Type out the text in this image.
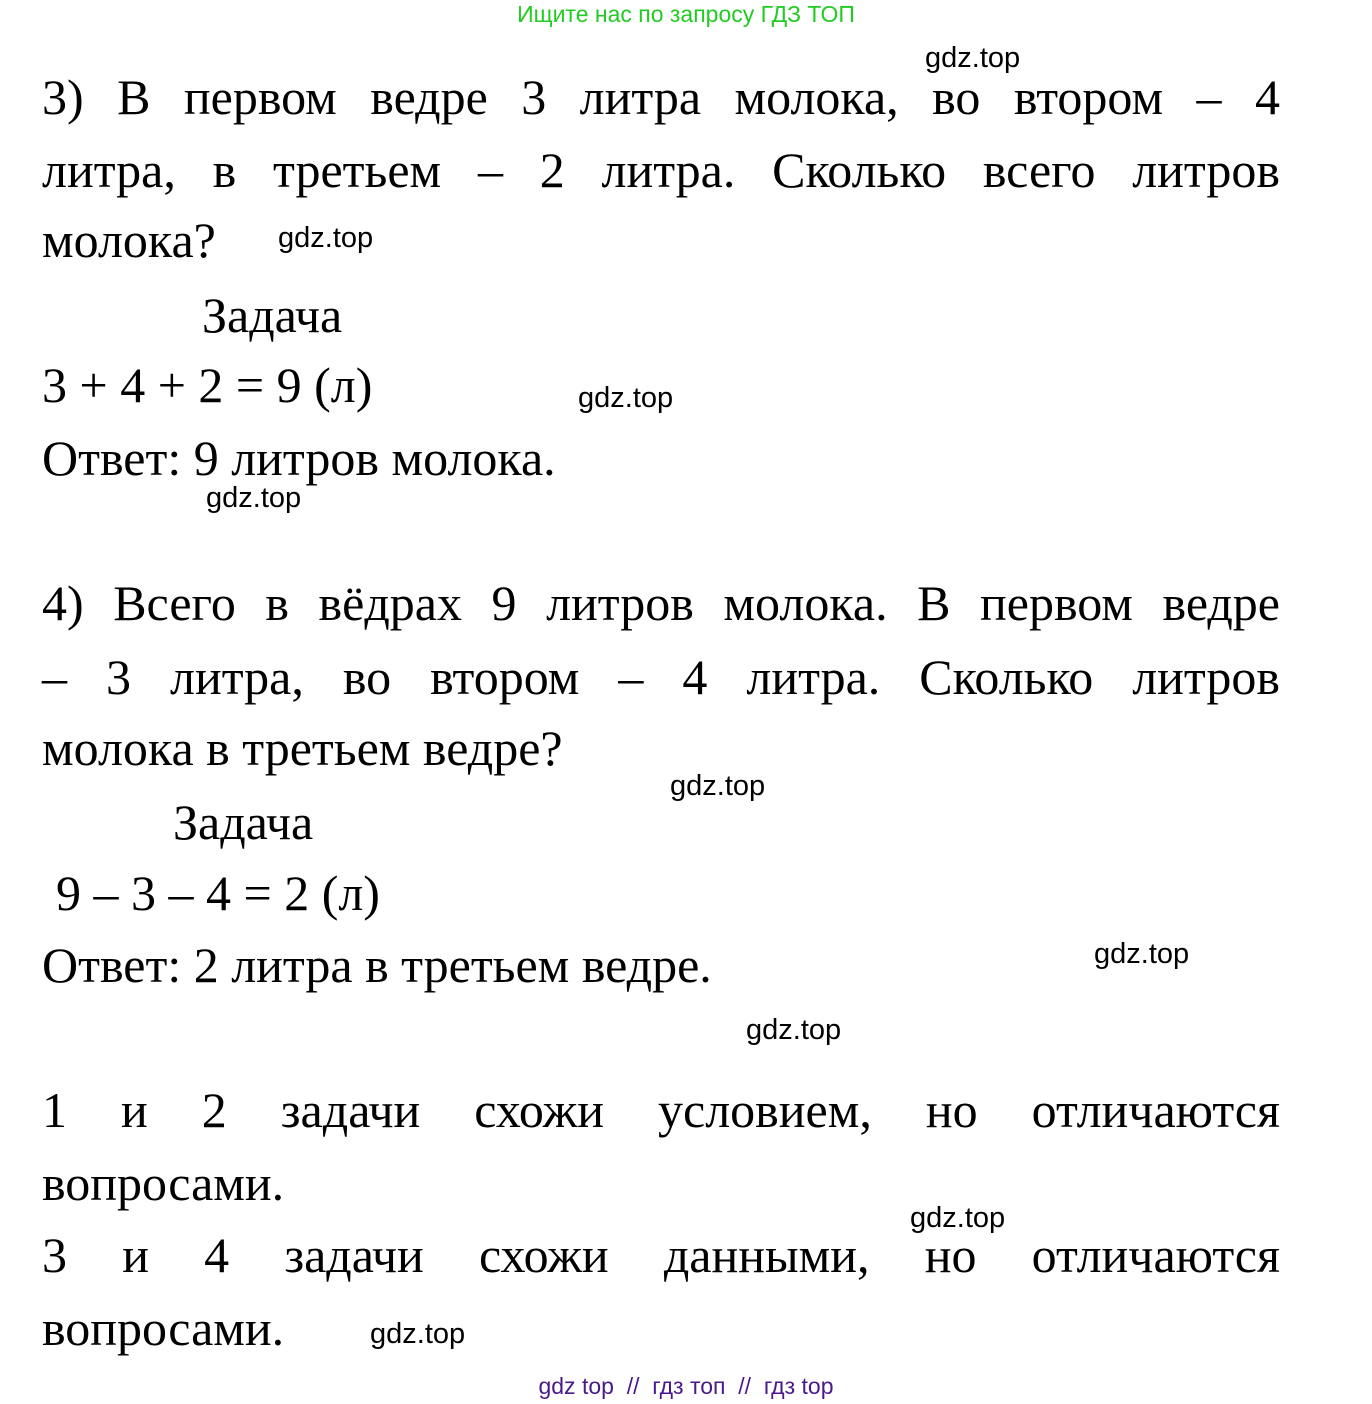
Ищите нас по запросу ГДЗ ТОП
3) В первом ведре 3 литра молока, во втором – 4
литра, в третьем – 2 литра. Сколько всего литров
молока?
Задача
3 + 4 + 2 = 9 (л)
Ответ: 9 литров молока.
4) Всего в вёдрах 9 литров молока. В первом ведре
– 3 литра, во втором – 4 литра. Сколько литров
молока в третьем ведре?
Задача
9 – 3 – 4 = 2 (л)
Ответ: 2 литра в третьем ведре.
1 и 2 задачи схожи условием, но отличаются
вопросами.
3 и 4 задачи схожи данными, но отличаются
вопросами.
gdz.top
gdz.top
gdz.top
gdz.top
gdz.top
gdz.top
gdz.top
gdz.top
gdz.top
gdz top  //  гдз топ  //  гдз top
